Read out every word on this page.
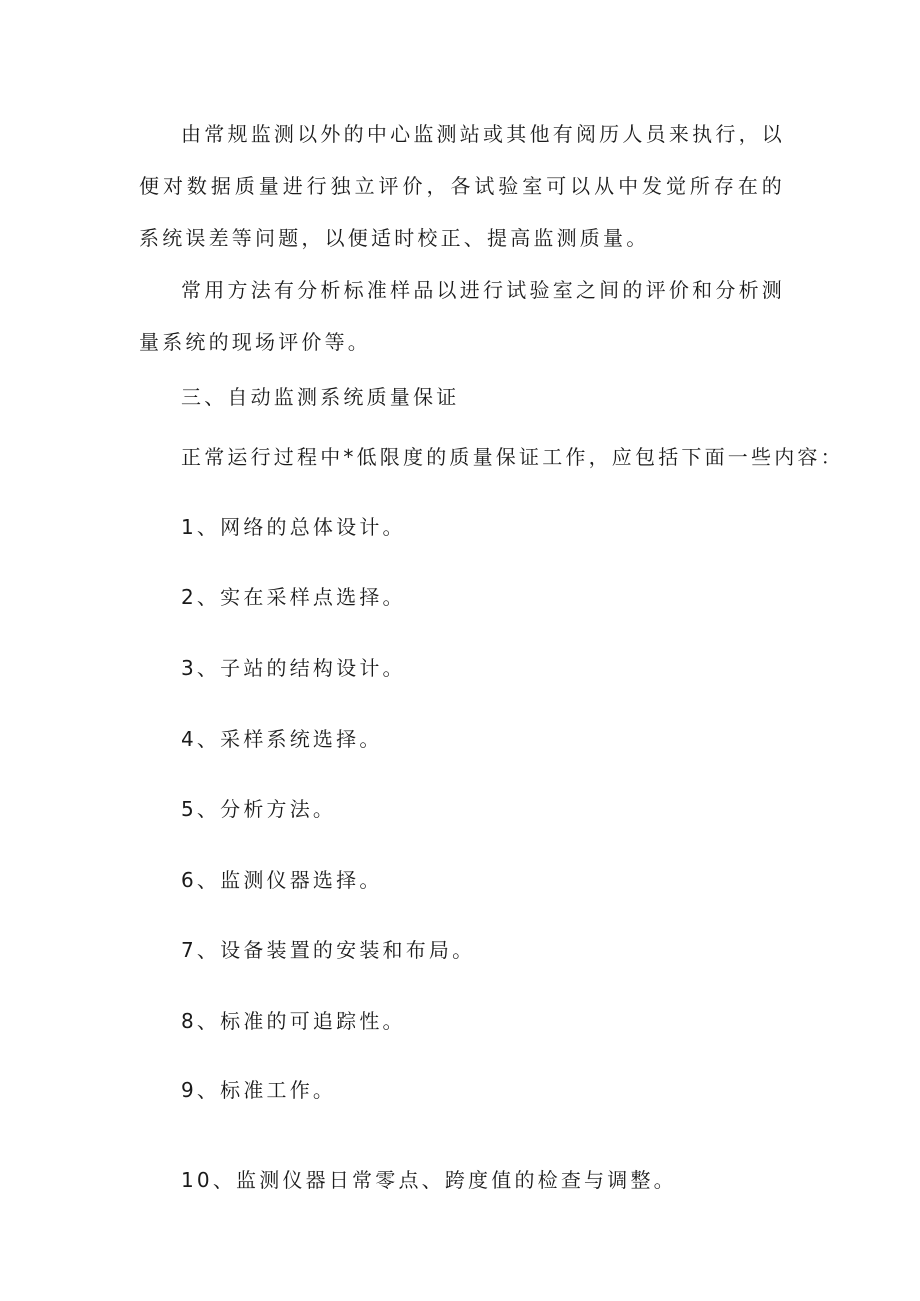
由常规监测以外的中心监测站或其他有阅历人员来执行，以便对数据质量进行独立评价，各试验室可以从中发觉所存在的系统误差等问题，以便适时校正、提高监测质量。

常用方法有分析标准样品以进行试验室之间的评价和分析测量系统的现场评价等。

三、自动监测系统质量保证
正常运行过程中*低限度的质量保证工作，应包括下面一些内容：
1、网络的总体设计。
2、实在采样点选择。
3、子站的结构设计。
4、采样系统选择。
5、分析方法。
6、监测仪器选择。
7、设备装置的安装和布局。
8、标准的可追踪性。
9、标准工作。
10、监测仪器日常零点、跨度值的检查与调整。
